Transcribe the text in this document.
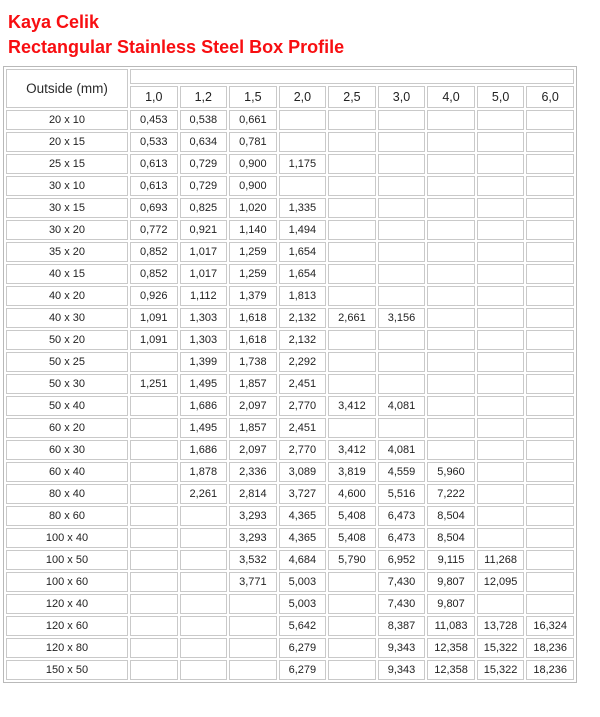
Kaya Celik
Rectangular Stainless Steel Box Profile
Outside (mm)									
	1,0	1,2	1,5	2,0	2,5	3,0	4,0	5,0	6,0
20 x 10	0,453	0,538	0,661						
20 x 15	0,533	0,634	0,781						
25 x 15	0,613	0,729	0,900	1,175					
30 x 10	0,613	0,729	0,900						
30 x 15	0,693	0,825	1,020	1,335					
30 x 20	0,772	0,921	1,140	1,494					
35 x 20	0,852	1,017	1,259	1,654					
40 x 15	0,852	1,017	1,259	1,654					
40 x 20	0,926	1,112	1,379	1,813					
40 x 30	1,091	1,303	1,618	2,132	2,661	3,156			
50 x 20	1,091	1,303	1,618	2,132					
50 x 25		1,399	1,738	2,292					
50 x 30	1,251	1,495	1,857	2,451					
50 x 40		1,686	2,097	2,770	3,412	4,081			
60 x 20		1,495	1,857	2,451					
60 x 30		1,686	2,097	2,770	3,412	4,081			
60 x 40		1,878	2,336	3,089	3,819	4,559	5,960		
80 x 40		2,261	2,814	3,727	4,600	5,516	7,222		
80 x 60			3,293	4,365	5,408	6,473	8,504		
100 x 40			3,293	4,365	5,408	6,473	8,504		
100 x 50			3,532	4,684	5,790	6,952	9,115	11,268	
100 x 60			3,771	5,003		7,430	9,807	12,095	
120 x 40				5,003		7,430	9,807		
120 x 60				5,642		8,387	11,083	13,728	16,324
120 x 80				6,279		9,343	12,358	15,322	18,236
150 x 50				6,279		9,343	12,358	15,322	18,236
